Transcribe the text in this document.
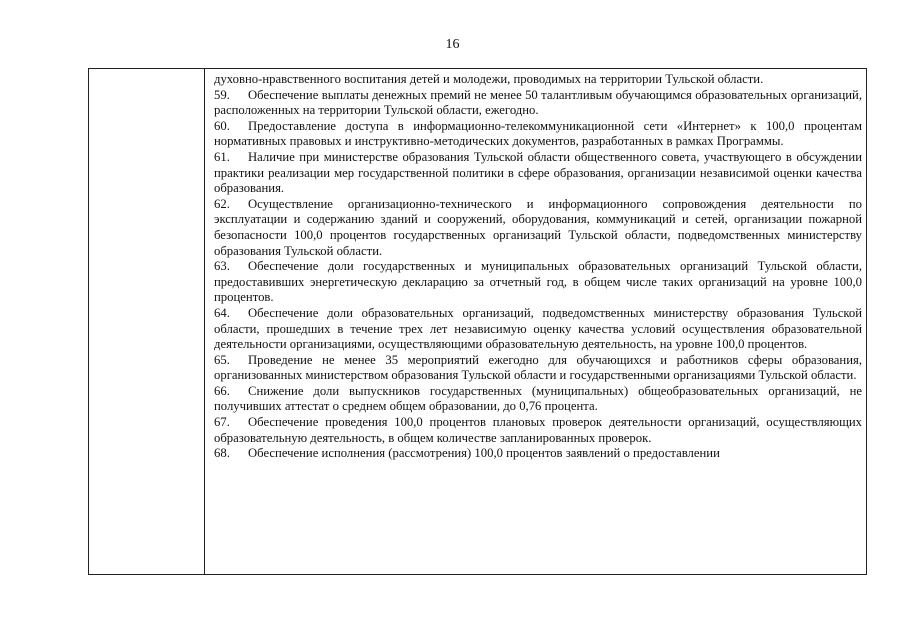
16

духовно-нравственного воспитания детей и молодежи, проводимых на территории Тульской области.

59. Обеспечение выплаты денежных премий не менее 50 талантливым обучающимся образовательных организаций, расположенных на территории Тульской области, ежегодно.

60. Предоставление доступа в информационно-телекоммуникационной сети «Интернет» к 100,0 процентам нормативных правовых и инструктивно-методических документов, разработанных в рамках Программы.

61. Наличие при министерстве образования Тульской области общественного совета, участвующего в обсуждении практики реализации мер государственной политики в сфере образования, организации независимой оценки качества образования.

62. Осуществление организационно-технического и информационного сопровождения деятельности по эксплуатации и содержанию зданий и сооружений, оборудования, коммуникаций и сетей, организации пожарной безопасности 100,0 процентов государственных организаций Тульской области, подведомственных министерству образования Тульской области.

63. Обеспечение доли государственных и муниципальных образовательных организаций Тульской области, предоставивших энергетическую декларацию за отчетный год, в общем числе таких организаций на уровне 100,0 процентов.

64. Обеспечение доли образовательных организаций, подведомственных министерству образования Тульской области, прошедших в течение трех лет независимую оценку качества условий осуществления образовательной деятельности организациями, осуществляющими образовательную деятельность, на уровне 100,0 процентов.

65. Проведение не менее 35 мероприятий ежегодно для обучающихся и работников сферы образования, организованных министерством образования Тульской области и государственными организациями Тульской области.

66. Снижение доли выпускников государственных (муниципальных) общеобразовательных организаций, не получивших аттестат о среднем общем образовании, до 0,76 процента.

67. Обеспечение проведения 100,0 процентов плановых проверок деятельности организаций, осуществляющих образовательную деятельность, в общем количестве запланированных проверок.

68. Обеспечение исполнения (рассмотрения) 100,0 процентов заявлений о предоставлении
